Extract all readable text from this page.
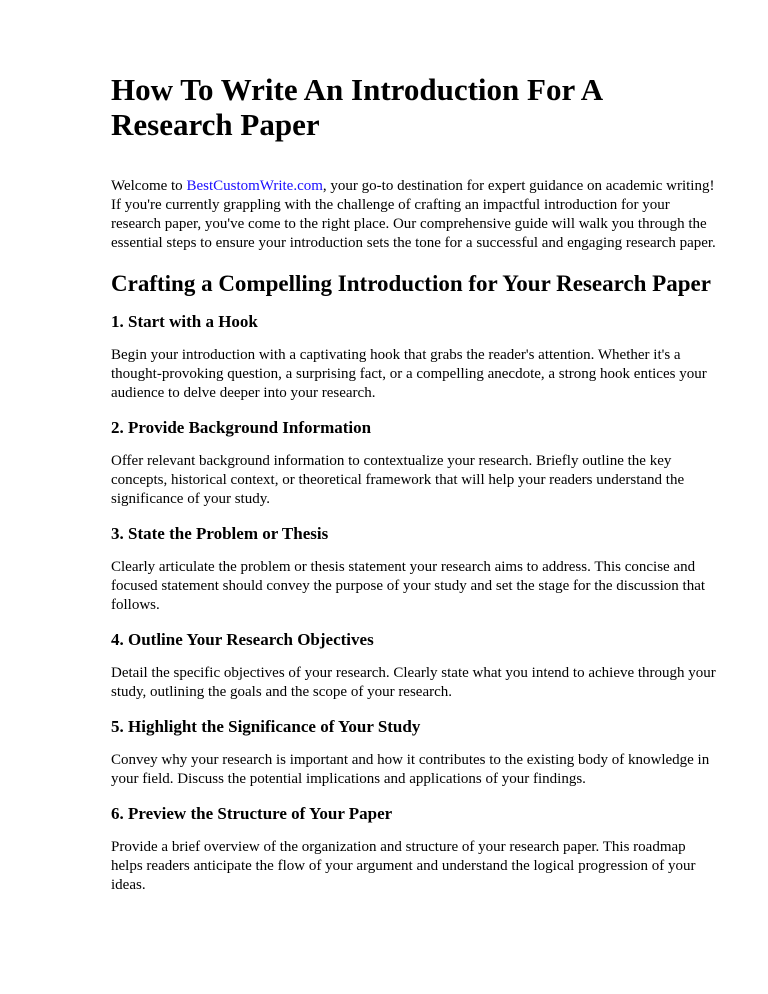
How To Write An Introduction For A Research Paper

Welcome to BestCustomWrite.com, your go-to destination for expert guidance on academic writing! If you're currently grappling with the challenge of crafting an impactful introduction for your research paper, you've come to the right place. Our comprehensive guide will walk you through the essential steps to ensure your introduction sets the tone for a successful and engaging research paper.

Crafting a Compelling Introduction for Your Research Paper
1. Start with a Hook

Begin your introduction with a captivating hook that grabs the reader's attention. Whether it's a thought-provoking question, a surprising fact, or a compelling anecdote, a strong hook entices your audience to delve deeper into your research.

2. Provide Background Information

Offer relevant background information to contextualize your research. Briefly outline the key concepts, historical context, or theoretical framework that will help your readers understand the significance of your study.

3. State the Problem or Thesis

Clearly articulate the problem or thesis statement your research aims to address. This concise and focused statement should convey the purpose of your study and set the stage for the discussion that follows.

4. Outline Your Research Objectives

Detail the specific objectives of your research. Clearly state what you intend to achieve through your study, outlining the goals and the scope of your research.

5. Highlight the Significance of Your Study

Convey why your research is important and how it contributes to the existing body of knowledge in your field. Discuss the potential implications and applications of your findings.

6. Preview the Structure of Your Paper

Provide a brief overview of the organization and structure of your research paper. This roadmap helps readers anticipate the flow of your argument and understand the logical progression of your ideas.
